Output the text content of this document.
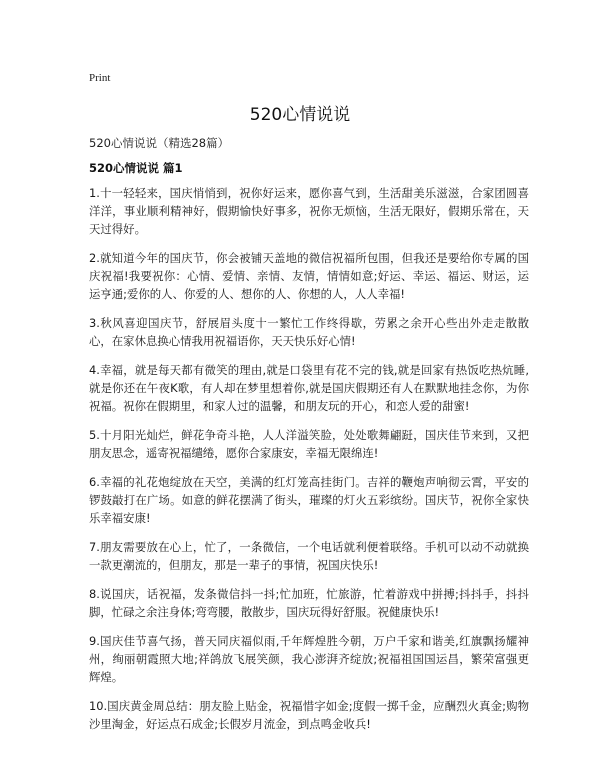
Print
520心情说说
520心情说说（精选28篇）
520心情说说 篇1

1.十一轻轻来，国庆悄悄到，祝你好运来，愿你喜气到，生活甜美乐滋滋，合家团圆喜洋洋，事业顺利精神好，假期愉快好事多，祝你无烦恼，生活无限好，假期乐常在，天天过得好。

2.就知道今年的国庆节，你会被铺天盖地的微信祝福所包围，但我还是要给你专属的国庆祝福!我要祝你：心情、爱情、亲情、友情，情情如意;好运、幸运、福运、财运，运运亨通;爱你的人、你爱的人、想你的人、你想的人，人人幸福!

3.秋风喜迎国庆节，舒展眉头度十一繁忙工作终得歇，劳累之余开心些出外走走散散心，在家休息换心情我用祝福语你，天天快乐好心情!

4.幸福，就是每天都有微笑的理由,就是口袋里有花不完的钱,就是回家有热饭吃热炕睡,就是你还在午夜K歌，有人却在梦里想着你,就是国庆假期还有人在默默地挂念你，为你祝福。祝你在假期里，和家人过的温馨，和朋友玩的开心，和恋人爱的甜蜜!

5.十月阳光灿烂，鲜花争奇斗艳，人人洋溢笑脸，处处歌舞翩跹，国庆佳节来到，又把朋友思念，遥寄祝福缱绻，愿你合家康安，幸福无限绵连!

6.幸福的礼花炮绽放在天空，美满的红灯笼高挂街门。吉祥的鞭炮声响彻云霄，平安的锣鼓敲打在广场。如意的鲜花摆满了街头，璀璨的灯火五彩缤纷。国庆节，祝你全家快乐幸福安康!

7.朋友需要放在心上，忙了，一条微信，一个电话就利便着联络。手机可以动不动就换一款更潮流的，但朋友，那是一辈子的事情，祝国庆快乐!

8.说国庆，话祝福，发条微信抖一抖;忙加班，忙旅游，忙着游戏中拼搏;抖抖手，抖抖脚，忙碌之余注身体;弯弯腰，散散步，国庆玩得好舒服。祝健康快乐!

9.国庆佳节喜气扬，普天同庆福似雨,千年辉煌胜今朝，万户千家和谐美,红旗飘扬耀神州，绚丽朝霞照大地;祥鸽放飞展笑颜，我心澎湃齐绽放;祝福祖国国运昌，繁荣富强更辉煌。

10.国庆黄金周总结：朋友脸上贴金，祝福惜字如金;度假一掷千金，应酬烈火真金;购物沙里淘金，好运点石成金;长假岁月流金，到点鸣金收兵!
